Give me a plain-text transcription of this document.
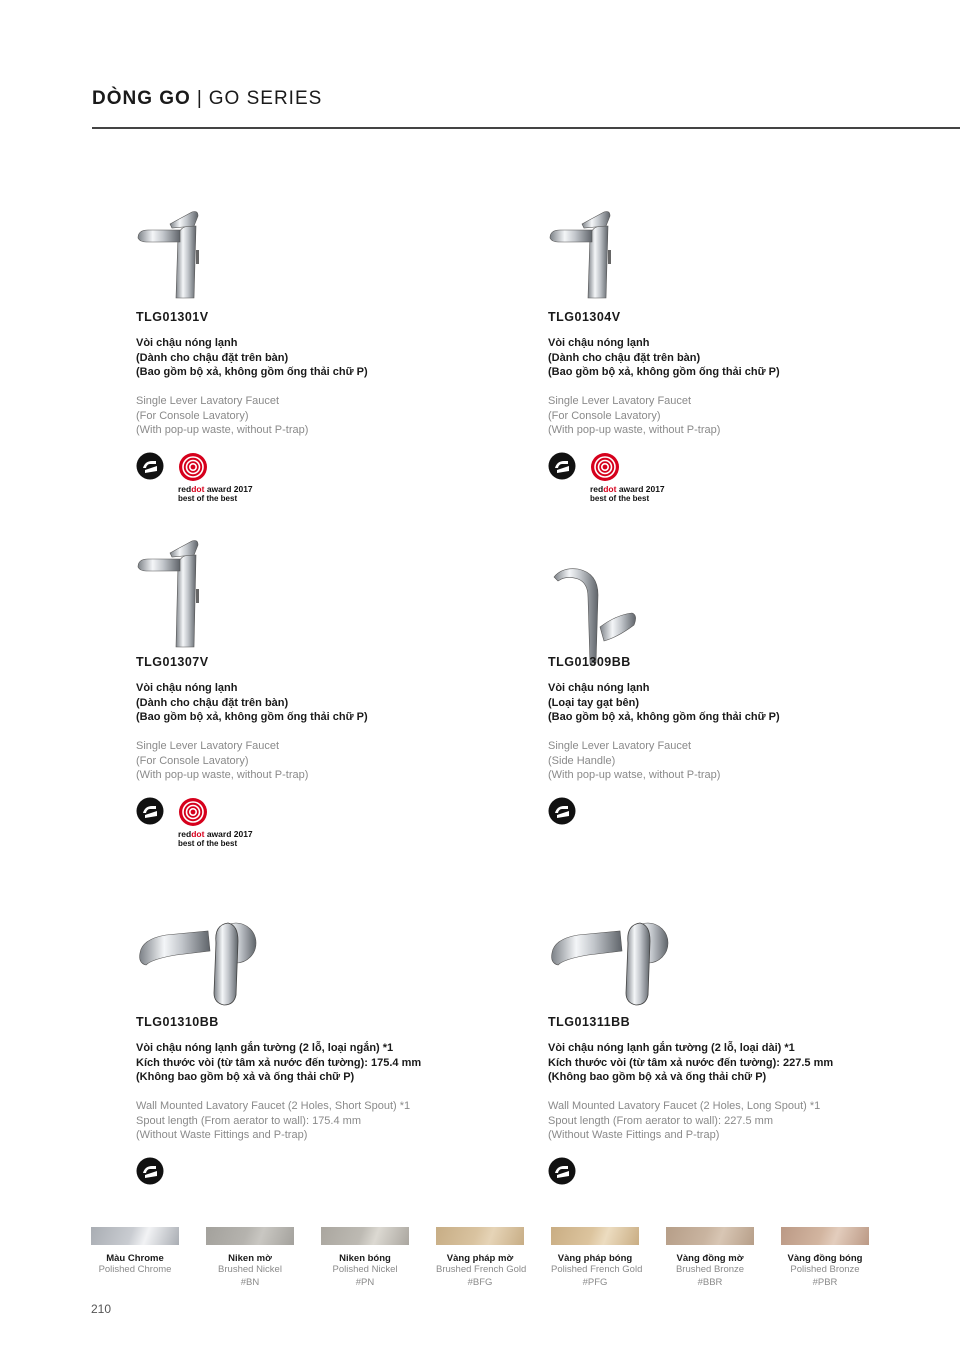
DÒNG GO | GO SERIES
TLG01301V
Vòi chậu nóng lạnh
(Dành cho chậu đặt trên bàn)
(Bao gồm bộ xả, không gồm ống thải chữ P)
Single Lever Lavatory Faucet
(For Console Lavatory)
(With pop-up waste, without P-trap)
reddot award 2017
best of the best
TLG01304V
Vòi chậu nóng lạnh
(Dành cho chậu đặt trên bàn)
(Bao gồm bộ xả, không gồm ống thải chữ P)
Single Lever Lavatory Faucet
(For Console Lavatory)
(With pop-up waste, without P-trap)
reddot award 2017
best of the best
TLG01307V
Vòi chậu nóng lạnh
(Dành cho chậu đặt trên bàn)
(Bao gồm bộ xả, không gồm ống thải chữ P)
Single Lever Lavatory Faucet
(For Console Lavatory)
(With pop-up waste, without P-trap)
reddot award 2017
best of the best
TLG01309BB
Vòi chậu nóng lạnh
(Loại tay gạt bên)
(Bao gồm bộ xả, không gồm ống thải chữ P)
Single Lever Lavatory Faucet
(Side Handle)
(With pop-up watse, without P-trap)
TLG01310BB
Vòi chậu nóng lạnh gắn tường (2 lỗ, loại ngắn) *1
Kích thước vòi (từ tâm xả nước đến tường): 175.4 mm
(Không bao gồm bộ xả và ống thải chữ P)
Wall Mounted Lavatory Faucet (2 Holes, Short Spout) *1
Spout length (From aerator to wall): 175.4 mm
(Without Waste Fittings and P-trap)
TLG01311BB
Vòi chậu nóng lạnh gắn tường (2 lỗ, loại dài) *1
Kích thước vòi (từ tâm xả nước đến tường): 227.5 mm
(Không bao gồm bộ xả và ống thải chữ P)
Wall Mounted Lavatory Faucet (2 Holes, Long Spout) *1
Spout length (From aerator to wall): 227.5 mm
(Without Waste Fittings and P-trap)
Màu Chrome
Polished Chrome
Niken mờ
Brushed Nickel
#BN
Niken bóng
Polished Nickel
#PN
Vàng pháp mờ
Brushed French Gold
#BFG
Vàng pháp bóng
Polished French Gold
#PFG
Vàng đồng mờ
Brushed Bronze
#BBR
Vàng đồng bóng
Polished Bronze
#PBR
210
